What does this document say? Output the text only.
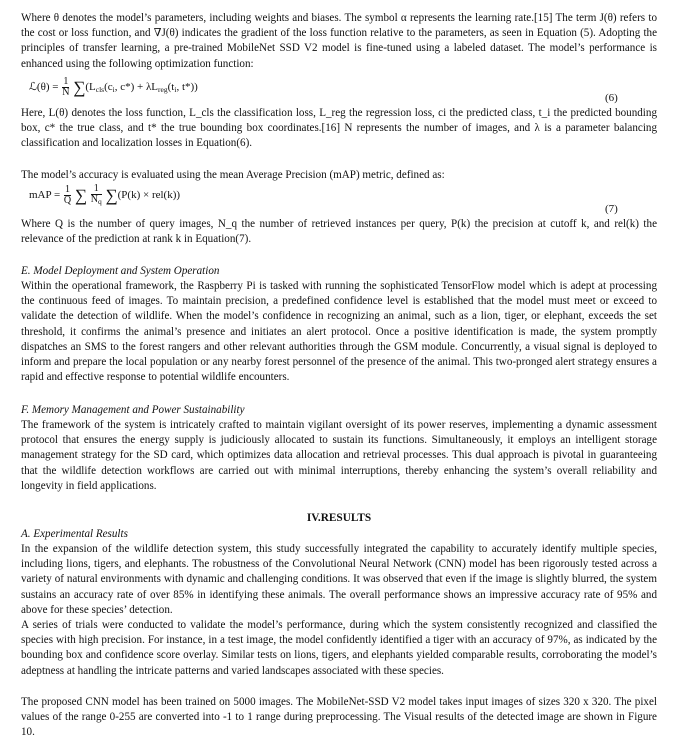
Where θ denotes the model’s parameters, including weights and biases. The symbol α represents the learning rate.[15] The term J(θ) refers to the cost or loss function, and ∇J(θ) indicates the gradient of the loss function relative to the parameters, as seen in Equation (5). Adopting the principles of transfer learning, a pre-trained MobileNet SSD V2 model is fine-tuned using a labeled dataset. The model’s performance is enhanced using the following optimization function:

ℒ(θ) = $\frac{1}{N} \sum(L_{cls}(c_i$, $c*) + \lambda L_{reg}(t_i$, t*))
(6)

Here, L(θ) denotes the loss function, L_cls the classification loss, L_reg the regression loss, ci the predicted class, t_i the predicted bounding box, c* the true class, and t* the true bounding box coordinates.[16] N represents the number of images, and λ is a parameter balancing classification and localization losses in Equation(6).

The model’s accuracy is evaluated using the mean Average Precision (mAP) metric, defined as:

mAP = $\frac{1}{Q}$ ∑ $\frac{1}{N_q} \sum(P(k) \times rel(k))$
(7)

Where Q is the number of query images, N_q the number of retrieved instances per query, P(k) the precision at cutoff k, and rel(k) the relevance of the prediction at rank k in Equation(7).

E. Model Deployment and System Operation

Within the operational framework, the Raspberry Pi is tasked with running the sophisticated TensorFlow model which is adept at processing the continuous feed of images. To maintain precision, a predefined confidence level is established that the model must meet or exceed to validate the detection of wildlife. When the model’s confidence in recognizing an animal, such as a lion, tiger, or elephant, exceeds the set threshold, it confirms the animal’s presence and initiates an alert protocol. Once a positive identification is made, the system promptly dispatches an SMS to the forest rangers and other relevant authorities through the GSM module. Concurrently, a visual signal is deployed to inform and prepare the local population or any nearby forest personnel of the presence of the animal. This two-pronged alert strategy ensures a rapid and effective response to potential wildlife encounters.

F. Memory Management and Power Sustainability

The framework of the system is intricately crafted to maintain vigilant oversight of its power reserves, implementing a dynamic assessment protocol that ensures the energy supply is judiciously allocated to sustain its functions. Simultaneously, it employs an intelligent storage management strategy for the SD card, which optimizes data allocation and retrieval processes. This dual approach is pivotal in guaranteeing that the wildlife detection workflows are carried out with minimal interruptions, thereby enhancing the system’s overall reliability and longevity in field applications.

IV.RESULTS
A. Experimental Results

In the expansion of the wildlife detection system, this study successfully integrated the capability to accurately identify multiple species, including lions, tigers, and elephants. The robustness of the Convolutional Neural Network (CNN) model has been rigorously tested across a variety of natural environments with dynamic and challenging conditions. It was observed that even if the image is slightly blurred, the system sustains an accuracy rate of over 85% in identifying these animals. The overall performance shows an impressive accuracy rate of 95% and above for these species’ detection.

A series of trials were conducted to validate the model’s performance, during which the system consistently recognized and classified the species with high precision. For instance, in a test image, the model confidently identified a tiger with an accuracy of 97%, as indicated by the bounding box and confidence score overlay. Similar tests on lions, tigers, and elephants yielded comparable results, corroborating the model’s adeptness at handling the intricate patterns and varied landscapes associated with these species.

The proposed CNN model has been trained on 5000 images. The MobileNet-SSD V2 model takes input images of sizes 320 x 320. The pixel values of the range 0-255 are converted into -1 to 1 range during preprocessing. The Visual results of the detected image are shown in Figure 10.
